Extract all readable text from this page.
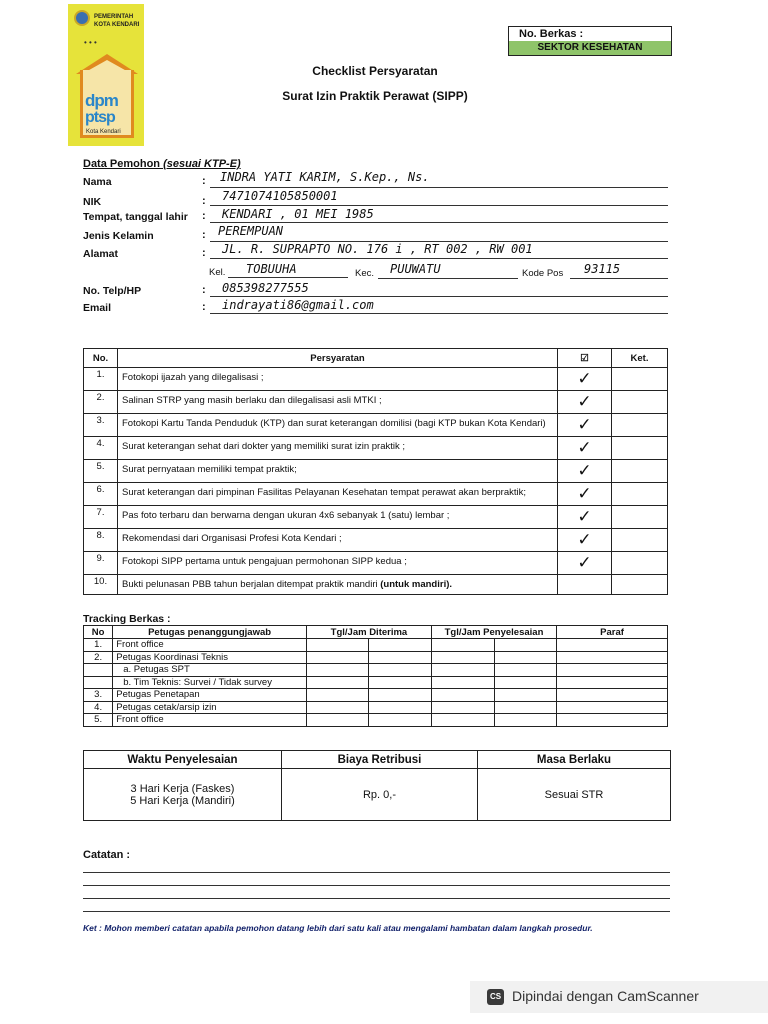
PEMERINTAH
KOTA KENDARI
• • •
dpm
ptsp
Kota Kendari
No. Berkas :
SEKTOR KESEHATAN
Checklist Persyaratan
Surat Izin Praktik Perawat (SIPP)
Data Pemohon (sesuai KTP-E)
Nama	: INDRA YATI KARIM, S.Kep., Ns.
NIK	: 7471074105850001
Tempat, tanggal lahir : KENDARI , 01 MEI 1985
Jenis Kelamin	: PEREMPUAN
Alamat	: JL. R. SUPRAPTO NO. 176 i , RT 002 , RW 001
Kel. TOBUUHA	Kec. PUUWATU	Kode Pos 93115
No. Telp/HP	: 085398277555
Email	: indrayati86@gmail.com
No.	Persyaratan	☑	Ket.
1.	Fotokopi ijazah yang dilegalisasi ;	✓	
2.	Salinan STRP yang masih berlaku dan dilegalisasi asli MTKI ;	✓	
3.	Fotokopi Kartu Tanda Penduduk (KTP) dan surat keterangan domilisi (bagi KTP bukan Kota Kendari)	✓	
4.	Surat keterangan sehat dari dokter yang memiliki surat izin praktik ;	✓	
5.	Surat pernyataan memiliki tempat praktik;	✓	
6.	Surat keterangan dari pimpinan Fasilitas Pelayanan Kesehatan tempat perawat akan berpraktik;	✓	
7.	Pas foto terbaru dan berwarna dengan ukuran 4x6 sebanyak 1 (satu) lembar ;	✓	
8.	Rekomendasi dari Organisasi Profesi Kota Kendari ;	✓	
9.	Fotokopi SIPP pertama untuk pengajuan permohonan SIPP kedua ;	✓	
10.	Bukti pelunasan PBB tahun berjalan ditempat praktik mandiri (untuk mandiri).		
Tracking Berkas :
No	Petugas penanggungjawab	Tgl/Jam Diterima		Tgl/Jam Penyelesaian		Paraf
1.	Front office					
2.	Petugas Koordinasi Teknis					
	a. Petugas SPT					
	b. Tim Teknis: Survei / Tidak survey					
3.	Petugas Penetapan					
4.	Petugas cetak/arsip izin					
5.	Front office					
Waktu Penyelesaian	Biaya Retribusi	Masa Berlaku

3 Hari Kerja (Faskes)
5 Hari Kerja (Mandiri)	Rp. 0,-	Sesuai STR
Catatan :
Ket : Mohon memberi catatan apabila pemohon datang lebih dari satu kali atau mengalami hambatan dalam langkah prosedur.
CS Dipindai dengan CamScanner
